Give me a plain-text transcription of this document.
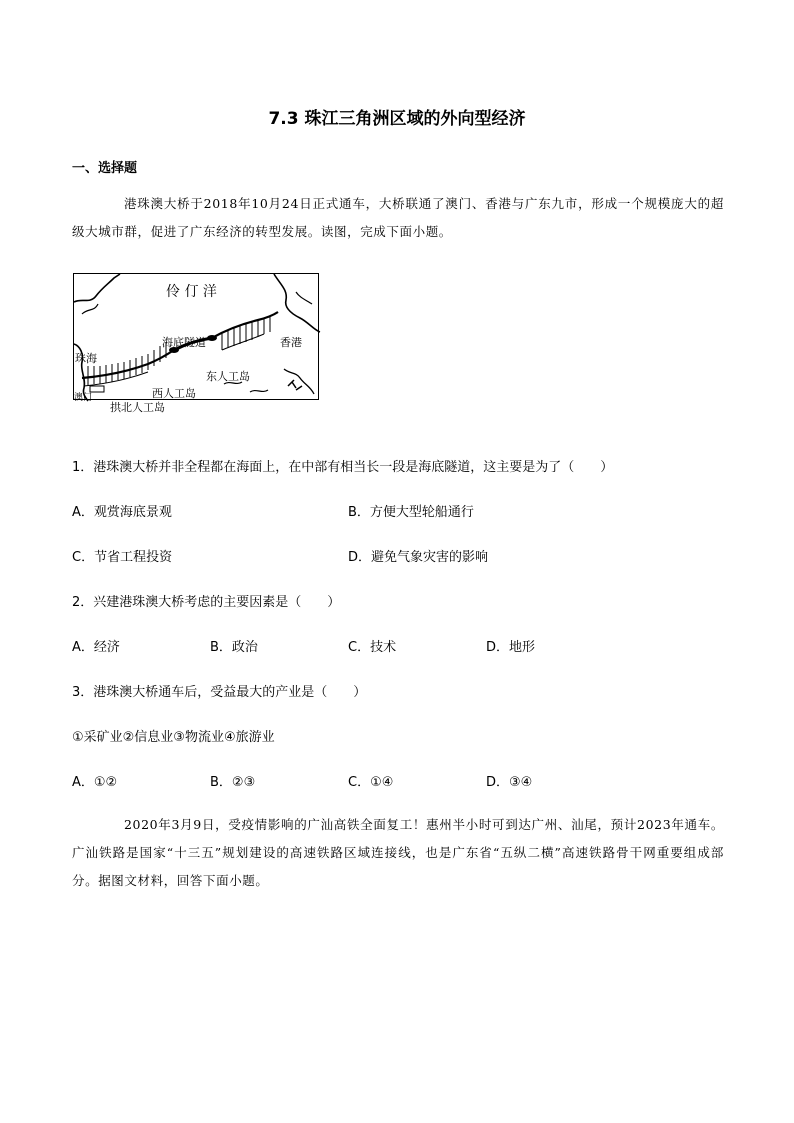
7.3 珠江三角洲区域的外向型经济
一、选择题
港珠澳大桥于2018年10月24日正式通车，大桥联通了澳门、香港与广东九市，形成一个规模庞大的超级大城市群，促进了广东经济的转型发展。读图，完成下面小题。
伶 仃 洋
海底隧道	香港
珠海
东人工岛
西人工岛
拱北人工岛
澳门
1．港珠澳大桥并非全程都在海面上，在中部有相当长一段是海底隧道，这主要是为了（　　）
A．观赏海底景观	B．方便大型轮船通行
C．节省工程投资	D．避免气象灾害的影响
2．兴建港珠澳大桥考虑的主要因素是（　　）
A．经济	B．政治	C．技术	D．地形
3．港珠澳大桥通车后，受益最大的产业是（　　）
①采矿业②信息业③物流业④旅游业
A．①②	B．②③	C．①④	D．③④
2020年3月9日，受疫情影响的广汕高铁全面复工！惠州半小时可到达广州、汕尾，预计2023年通车。广汕铁路是国家“十三五”规划建设的高速铁路区域连接线，也是广东省“五纵二横”高速铁路骨干网重要组成部分。据图文材料，回答下面小题。
